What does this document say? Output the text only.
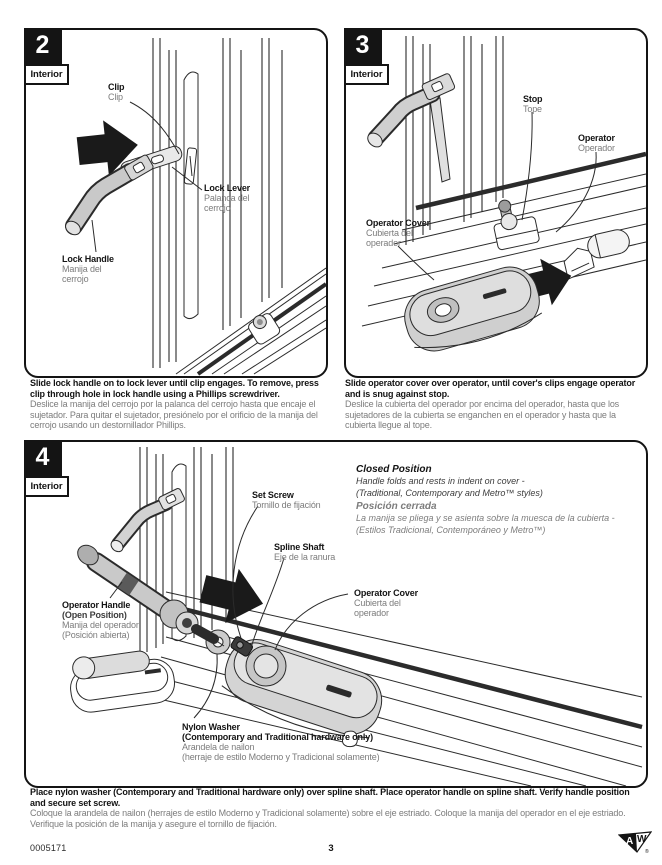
2
Interior
Clip
Clip
Lock Lever
Palanca del cerrojo
Lock Handle
Manija del cerrojo
3
Interior
Stop
Tope
Operator
Operador
Operator Cover
Cubierta del operador
Slide lock handle on to lock lever until clip engages. To remove, press clip through hole in lock handle using a Phillips screwdriver.
Deslice la manija del cerrojo por la palanca del cerrojo hasta que encaje el sujetador. Para quitar el sujetador, presiónelo por el orificio de la manija del cerrojo usando un destornillador Phillips.
Slide operator cover over operator, until cover's clips engage operator and is snug against stop.
Deslice la cubierta del operador por encima del operador, hasta que los sujetadores de la cubierta se enganchen en el operador y hasta que la cubierta llegue al tope.
4
Interior
Set Screw
Tornillo de fijación
Spline Shaft
Eje de la ranura
Operator Handle
(Open Position)
Manija del operador
(Posición abierta)
Operator Cover
Cubierta del operador
Nylon Washer
(Contemporary and Traditional hardware only)
Arandela de nailon
(herraje de estilo Moderno y Tradicional solamente)
Closed Position
Handle folds and rests in indent on cover -
(Traditional, Contemporary and Metro™ styles)
Posición cerrada
La manija se pliega y se asienta sobre la muesca de la cubierta -
(Estilos Tradicional, Contemporáneo y Metro™)
Place nylon washer (Contemporary and Traditional hardware only) over spline shaft. Place operator handle on spline shaft. Verify handle position and secure set screw.
Coloque la arandela de nailon (herrajes de estilo Moderno y Tradicional solamente) sobre el eje estriado. Coloque la manija del operador en el eje estriado. Verifique la posición de la manija y asegure el tornillo de fijación.
0005171	3
A W
®
